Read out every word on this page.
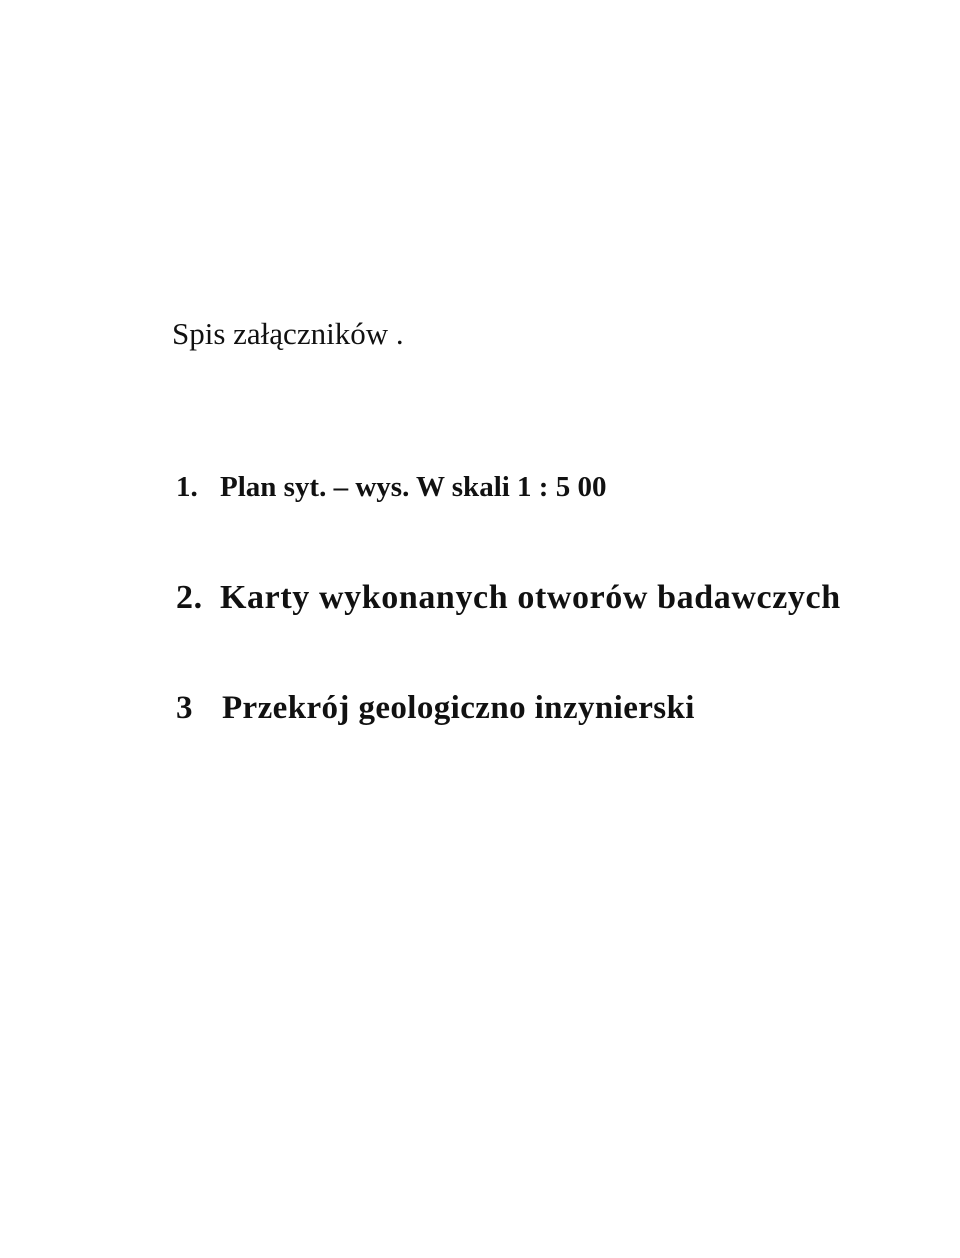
Spis załączników .
1. Plan syt. – wys. W skali 1 : 5 00
2. Karty wykonanych otworów badawczych
3 Przekrój geologiczno inzynierski
